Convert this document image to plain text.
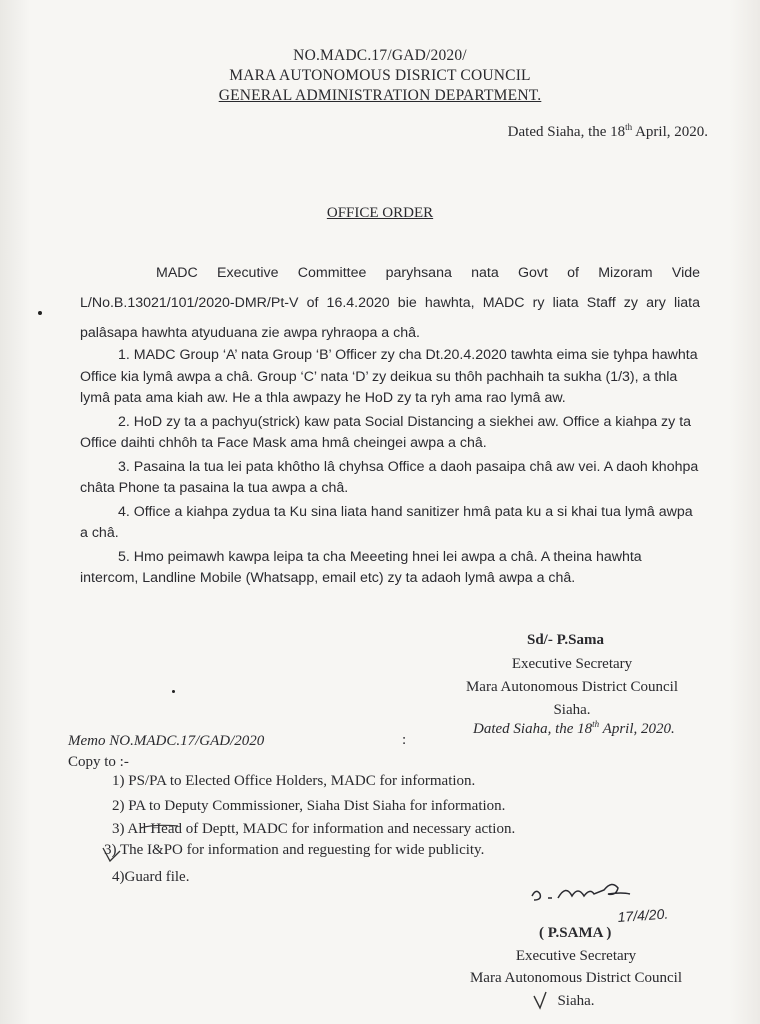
NO.MADC.17/GAD/2020/
MARA AUTONOMOUS DISRICT COUNCIL
GENERAL ADMINISTRATION DEPARTMENT.
Dated Siaha, the 18th April, 2020.
OFFICE ORDER
MADC Executive Committee paryhsana nata Govt of Mizoram Vide L/No.B.13021/101/2020-DMR/Pt-V of 16.4.2020 bie hawhta, MADC ry liata Staff zy ary liata palâsapa hawhta atyuduana zie awpa ryhraopa a châ.

1. MADC Group ‘A’ nata Group ‘B’ Officer zy cha Dt.20.4.2020 tawhta eima sie tyhpa hawhta Office kia lymâ awpa a châ. Group ‘C’ nata ‘D’ zy deikua su thôh pachhaih ta sukha (1/3), a thla lymâ pata ama kiah aw. He a thla awpazy he HoD zy ta ryh ama rao lymâ aw.

2. HoD zy ta a pachyu(strick) kaw pata Social Distancing a siekhei aw. Office a kiahpa zy ta Office daihti chhôh ta Face Mask ama hmâ cheingei awpa a châ.

3. Pasaina la tua lei pata khôtho lâ chyhsa Office a daoh pasaipa châ aw vei. A daoh khohpa châta Phone ta pasaina la tua awpa a châ.

4. Office a kiahpa zydua ta Ku sina liata hand sanitizer hmâ pata ku a si khai tua lymâ awpa a châ.

5. Hmo peimawh kawpa leipa ta cha Meeeting hnei lei awpa a châ. A theina hawhta intercom, Landline Mobile (Whatsapp, email etc) zy ta adaoh lymâ awpa a châ.

Sd/- P.Sama
Executive Secretary
Mara Autonomous District Council
Siaha.
Memo NO.MADC.17/GAD/2020	:
Dated Siaha, the 18th April, 2020.
Copy to :-
1) PS/PA to Elected Office Holders, MADC for information.
2) PA to Deputy Commissioner, Siaha Dist Siaha for information.
3) All Head of Deptt, MADC for information and necessary action.
3) The I&PO for information and reguesting for wide publicity.
4)Guard file.
17/4/20.
( P.SAMA )
Executive Secretary
Mara Autonomous District Council
Siaha.
